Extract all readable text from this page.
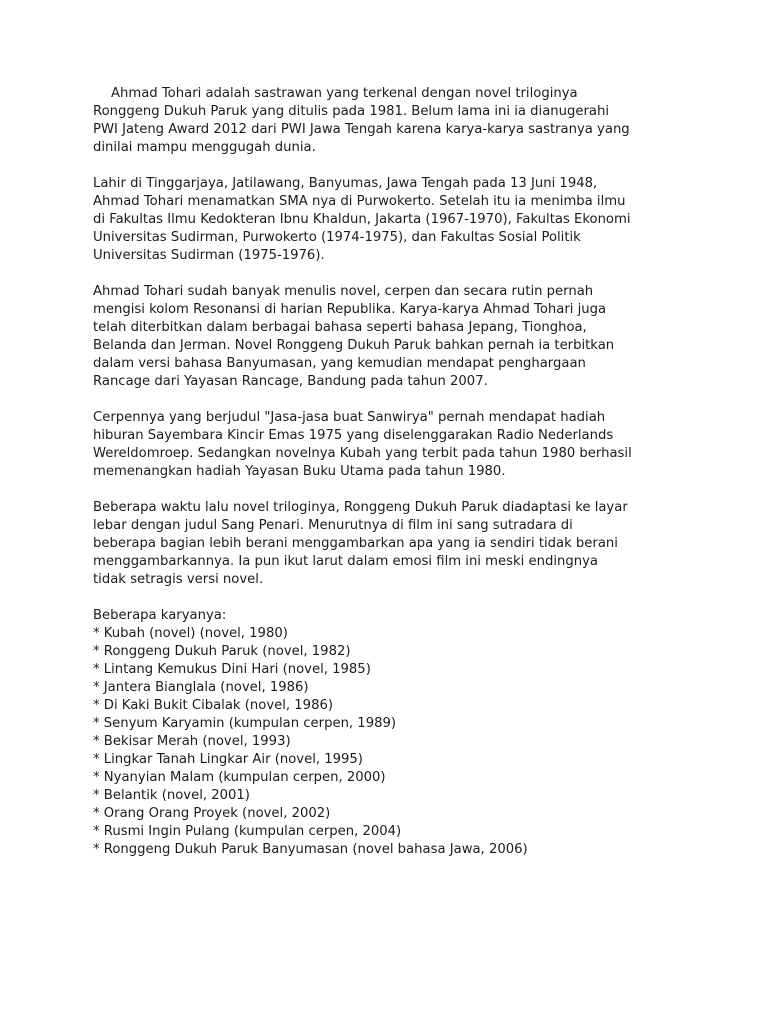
Ahmad Tohari adalah sastrawan yang terkenal dengan novel triloginya
Ronggeng Dukuh Paruk yang ditulis pada 1981. Belum lama ini ia dianugerahi
PWI Jateng Award 2012 dari PWI Jawa Tengah karena karya-karya sastranya yang
dinilai mampu menggugah dunia.
Lahir di Tinggarjaya, Jatilawang, Banyumas, Jawa Tengah pada 13 Juni 1948,
Ahmad Tohari menamatkan SMA nya di Purwokerto. Setelah itu ia menimba ilmu
di Fakultas Ilmu Kedokteran Ibnu Khaldun, Jakarta (1967-1970), Fakultas Ekonomi
Universitas Sudirman, Purwokerto (1974-1975), dan Fakultas Sosial Politik
Universitas Sudirman (1975-1976).
Ahmad Tohari sudah banyak menulis novel, cerpen dan secara rutin pernah
mengisi kolom Resonansi di harian Republika. Karya-karya Ahmad Tohari juga
telah diterbitkan dalam berbagai bahasa seperti bahasa Jepang, Tionghoa,
Belanda dan Jerman. Novel Ronggeng Dukuh Paruk bahkan pernah ia terbitkan
dalam versi bahasa Banyumasan, yang kemudian mendapat penghargaan
Rancage dari Yayasan Rancage, Bandung pada tahun 2007.
Cerpennya yang berjudul "Jasa-jasa buat Sanwirya" pernah mendapat hadiah
hiburan Sayembara Kincir Emas 1975 yang diselenggarakan Radio Nederlands
Wereldomroep. Sedangkan novelnya Kubah yang terbit pada tahun 1980 berhasil
memenangkan hadiah Yayasan Buku Utama pada tahun 1980.
Beberapa waktu lalu novel triloginya, Ronggeng Dukuh Paruk diadaptasi ke layar
lebar dengan judul Sang Penari. Menurutnya di film ini sang sutradara di
beberapa bagian lebih berani menggambarkan apa yang ia sendiri tidak berani
menggambarkannya. Ia pun ikut larut dalam emosi film ini meski endingnya
tidak setragis versi novel.
Beberapa karyanya:
* Kubah (novel) (novel, 1980)
* Ronggeng Dukuh Paruk (novel, 1982)
* Lintang Kemukus Dini Hari (novel, 1985)
* Jantera Bianglala (novel, 1986)
* Di Kaki Bukit Cibalak (novel, 1986)
* Senyum Karyamin (kumpulan cerpen, 1989)
* Bekisar Merah (novel, 1993)
* Lingkar Tanah Lingkar Air (novel, 1995)
* Nyanyian Malam (kumpulan cerpen, 2000)
* Belantik (novel, 2001)
* Orang Orang Proyek (novel, 2002)
* Rusmi Ingin Pulang (kumpulan cerpen, 2004)
* Ronggeng Dukuh Paruk Banyumasan (novel bahasa Jawa, 2006)
